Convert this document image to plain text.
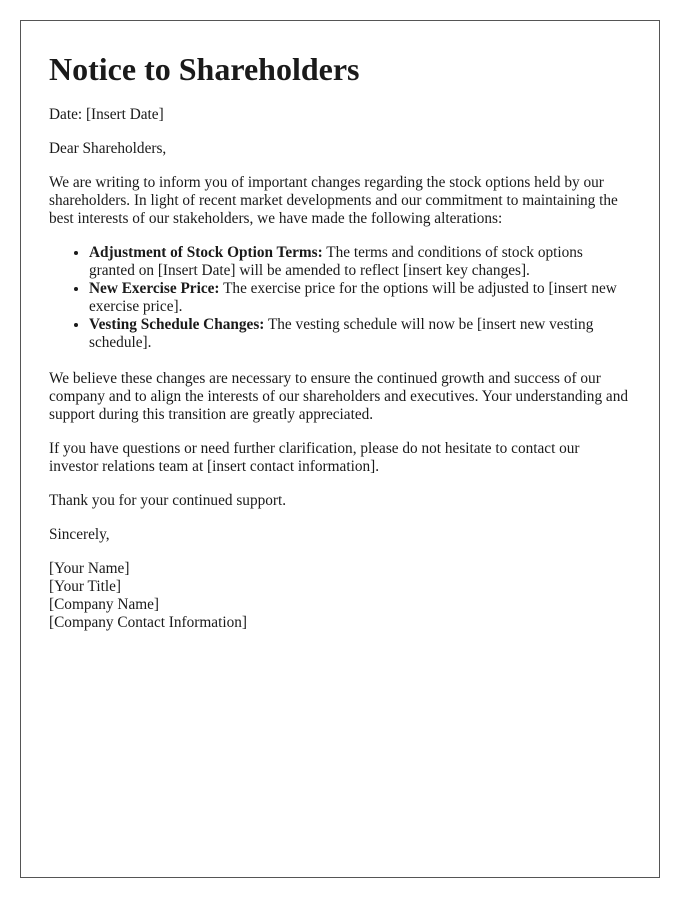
Notice to Shareholders

Date: [Insert Date]

Dear Shareholders,

We are writing to inform you of important changes regarding the stock options held by our shareholders. In light of recent market developments and our commitment to maintaining the best interests of our stakeholders, we have made the following alterations:

• Adjustment of Stock Option Terms: The terms and conditions of stock options granted on [Insert Date] will be amended to reflect [insert key changes].
• New Exercise Price: The exercise price for the options will be adjusted to [insert new exercise price].
• Vesting Schedule Changes: The vesting schedule will now be [insert new vesting schedule].

We believe these changes are necessary to ensure the continued growth and success of our company and to align the interests of our shareholders and executives. Your understanding and support during this transition are greatly appreciated.

If you have questions or need further clarification, please do not hesitate to contact our investor relations team at [insert contact information].

Thank you for your continued support.

Sincerely,

[Your Name]
[Your Title]
[Company Name]
[Company Contact Information]
